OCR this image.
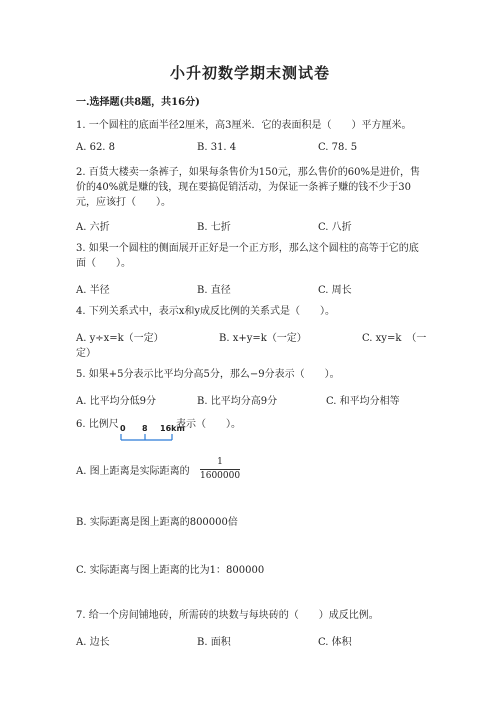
小升初数学期末测试卷
一.选择题(共8题，共16分)
1. 一个圆柱的底面半径2厘米，高3厘米．它的表面积是（　　）平方厘米。
A. 62. 8	B. 31. 4	C. 78. 5
2. 百货大楼卖一条裤子，如果每条售价为150元，那么售价的60%是进价，售
价的40%就是赚的钱，现在要搞促销活动，为保证一条裤子赚的钱不少于30
元，应该打（　　）。
A. 六折	B. 七折	C. 八折
3. 如果一个圆柱的侧面展开正好是一个正方形，那么这个圆柱的高等于它的底
面（　　）。
A. 半径	B. 直径	C. 周长
4. 下列关系式中，表示x和y成反比例的关系式是（　　）。
A. y÷x=k（一定）	B. x+y=k（一定）	C. xy=k　（一
定）
5. 如果+5分表示比平均分高5分，那么−9分表示（　　）。
A. 比平均分低9分	B. 比平均分高9分	C. 和平均分相等
6. 比例尺 0 8 16km
表示（　　）。
A. 图上距离是实际距离的
1
1600000
B. 实际距离是图上距离的800000倍
C. 实际距离与图上距离的比为1：800000
7. 给一个房间铺地砖，所需砖的块数与每块砖的（　　）成反比例。
A. 边长	B. 面积	C. 体积
